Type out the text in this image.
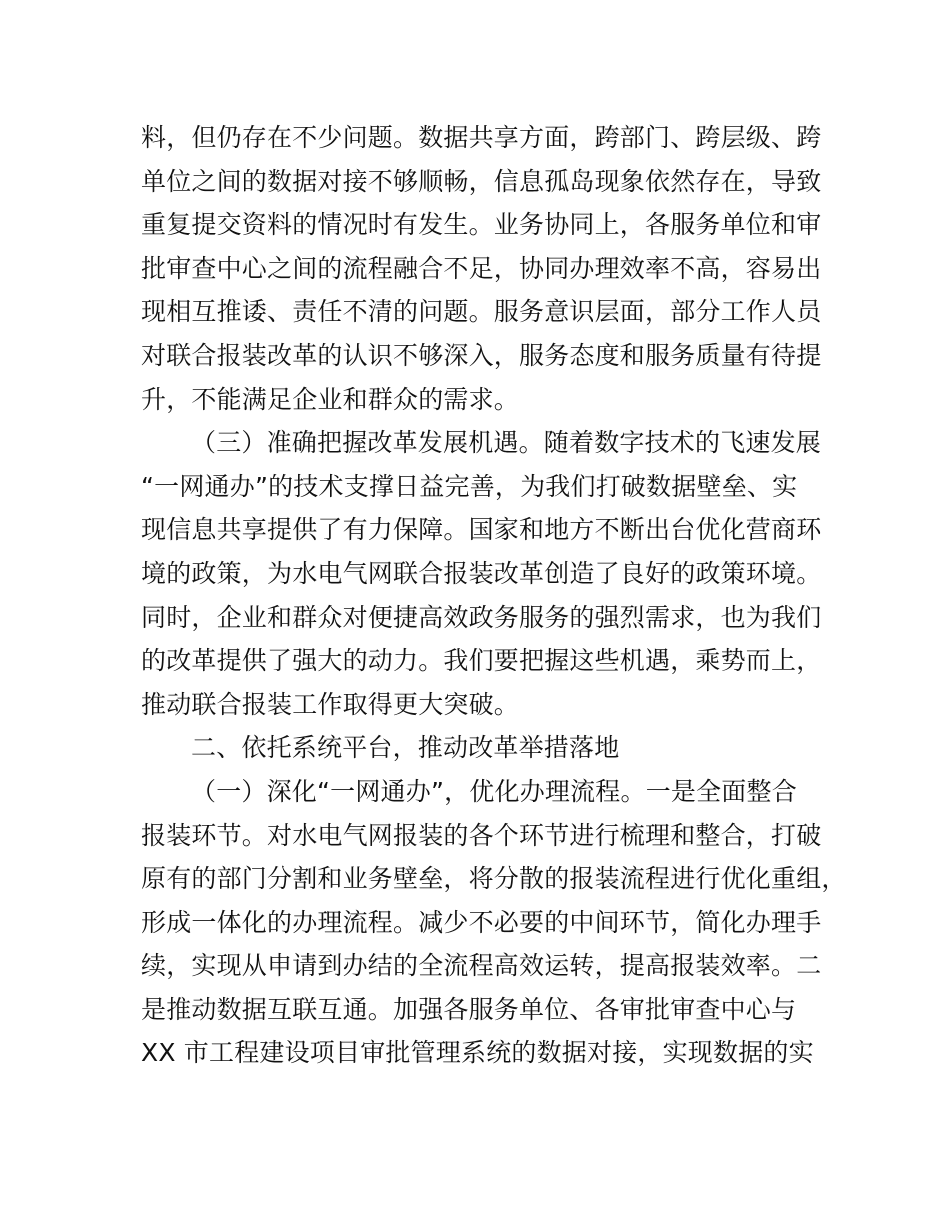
料，但仍存在不少问题。数据共享方面，跨部门、跨层级、跨
单位之间的数据对接不够顺畅，信息孤岛现象依然存在，导致
重复提交资料的情况时有发生。业务协同上，各服务单位和审
批审查中心之间的流程融合不足，协同办理效率不高，容易出
现相互推诿、责任不清的问题。服务意识层面，部分工作人员
对联合报装改革的认识不够深入，服务态度和服务质量有待提
升，不能满足企业和群众的需求。
（三）准确把握改革发展机遇。随着数字技术的飞速发展
“一网通办”的技术支撑日益完善，为我们打破数据壁垒、实
现信息共享提供了有力保障。国家和地方不断出台优化营商环
境的政策，为水电气网联合报装改革创造了良好的政策环境。
同时，企业和群众对便捷高效政务服务的强烈需求，也为我们
的改革提供了强大的动力。我们要把握这些机遇，乘势而上，
推动联合报装工作取得更大突破。
二、依托系统平台，推动改革举措落地
（一）深化“一网通办”，优化办理流程。一是全面整合
报装环节。对水电气网报装的各个环节进行梳理和整合，打破
原有的部门分割和业务壁垒，将分散的报装流程进行优化重组，
形成一体化的办理流程。减少不必要的中间环节，简化办理手
续，实现从申请到办结的全流程高效运转，提高报装效率。二
是推动数据互联互通。加强各服务单位、各审批审查中心与
XX 市工程建设项目审批管理系统的数据对接，实现数据的实
